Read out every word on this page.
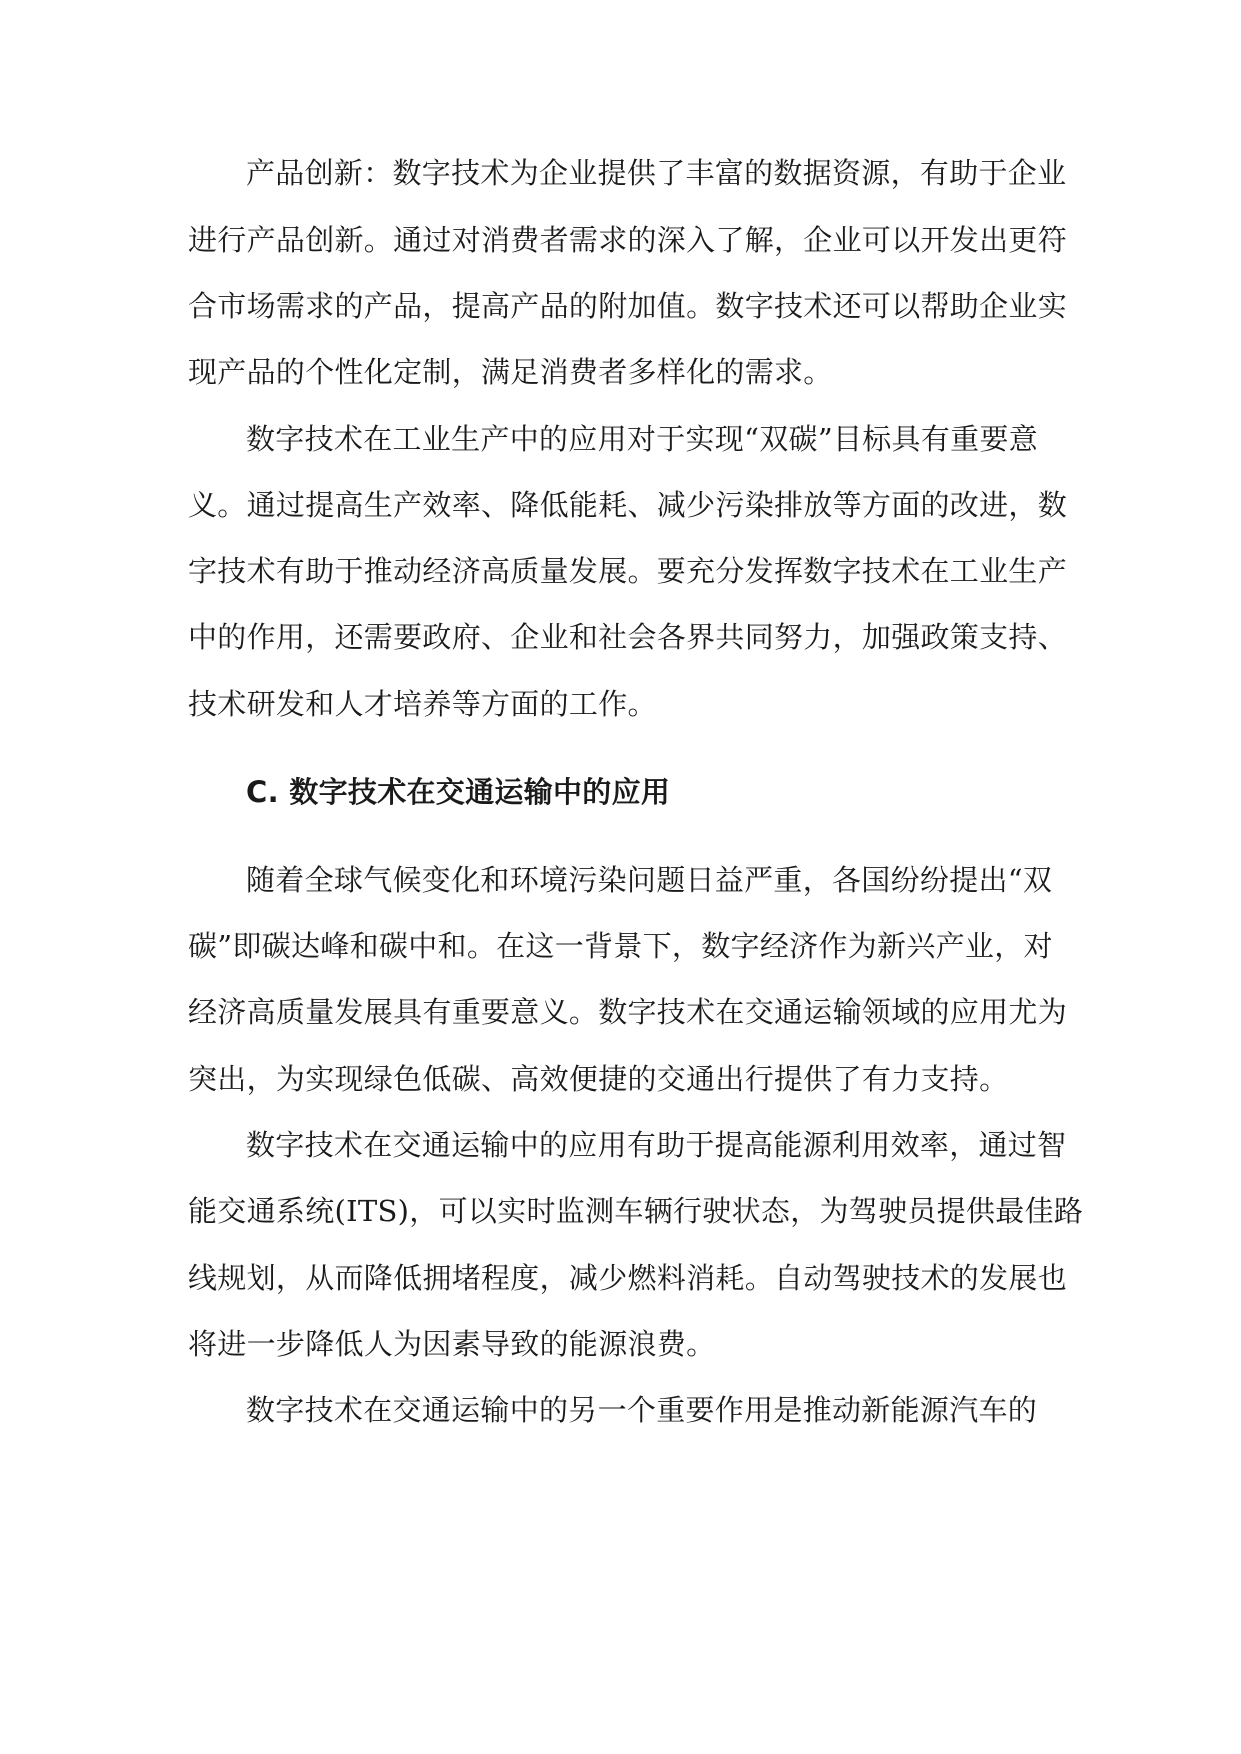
产品创新：数字技术为企业提供了丰富的数据资源，有助于企业
进行产品创新。通过对消费者需求的深入了解，企业可以开发出更符
合市场需求的产品，提高产品的附加值。数字技术还可以帮助企业实
现产品的个性化定制，满足消费者多样化的需求。
数字技术在工业生产中的应用对于实现“双碳”目标具有重要意
义。通过提高生产效率、降低能耗、减少污染排放等方面的改进，数
字技术有助于推动经济高质量发展。要充分发挥数字技术在工业生产
中的作用，还需要政府、企业和社会各界共同努力，加强政策支持、
技术研发和人才培养等方面的工作。
C. 数字技术在交通运输中的应用
随着全球气候变化和环境污染问题日益严重，各国纷纷提出“双
碳”即碳达峰和碳中和。在这一背景下，数字经济作为新兴产业，对
经济高质量发展具有重要意义。数字技术在交通运输领域的应用尤为
突出，为实现绿色低碳、高效便捷的交通出行提供了有力支持。
数字技术在交通运输中的应用有助于提高能源利用效率，通过智
能交通系统(ITS)，可以实时监测车辆行驶状态，为驾驶员提供最佳路
线规划，从而降低拥堵程度，减少燃料消耗。自动驾驶技术的发展也
将进一步降低人为因素导致的能源浪费。
数字技术在交通运输中的另一个重要作用是推动新能源汽车的
